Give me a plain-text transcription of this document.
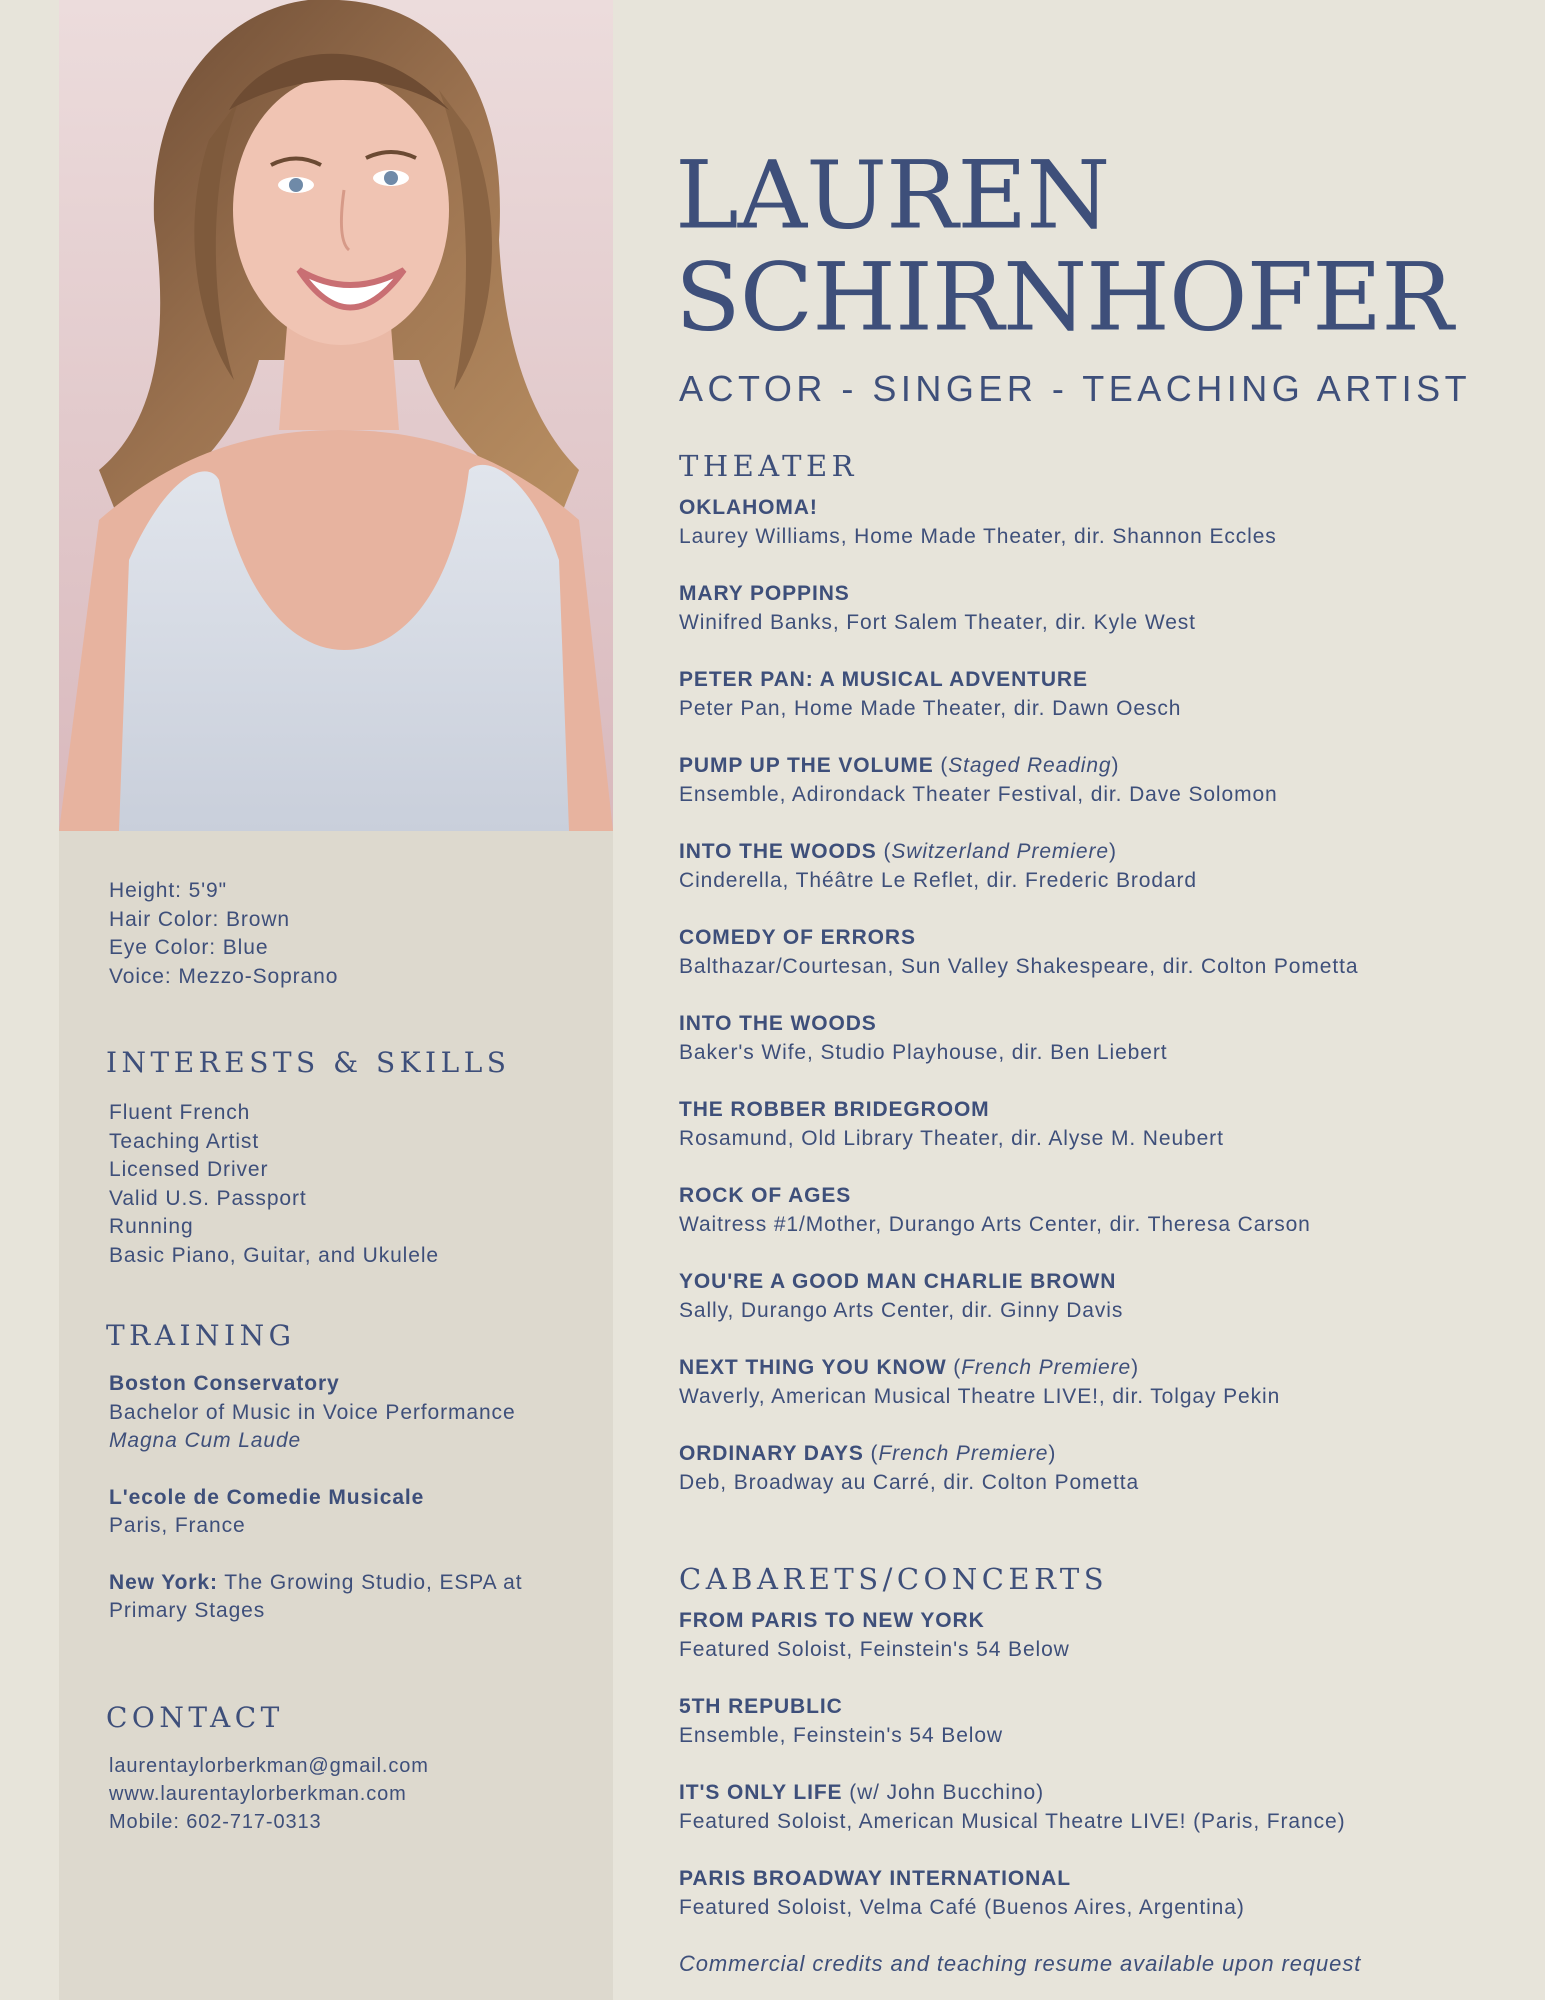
Height: 5'9"
Hair Color: Brown
Eye Color: Blue
Voice: Mezzo-Soprano
INTERESTS & SKILLS
Fluent French
Teaching Artist
Licensed Driver
Valid U.S. Passport
Running
Basic Piano, Guitar, and Ukulele
TRAINING
Boston Conservatory
Bachelor of Music in Voice Performance
Magna Cum Laude
L'ecole de Comedie Musicale
Paris, France
New York: The Growing Studio, ESPA at Primary Stages
CONTACT
laurentaylorberkman@gmail.com
www.laurentaylorberkman.com
Mobile: 602-717-0313
LAUREN
SCHIRNHOFER
ACTOR - SINGER - TEACHING ARTIST
THEATER
OKLAHOMA!
Laurey Williams, Home Made Theater, dir. Shannon Eccles
MARY POPPINS
Winifred Banks, Fort Salem Theater, dir. Kyle West
PETER PAN: A MUSICAL ADVENTURE
Peter Pan, Home Made Theater, dir. Dawn Oesch
PUMP UP THE VOLUME (Staged Reading)
Ensemble, Adirondack Theater Festival, dir. Dave Solomon
INTO THE WOODS (Switzerland Premiere)
Cinderella, Théâtre Le Reflet, dir. Frederic Brodard
COMEDY OF ERRORS
Balthazar/Courtesan, Sun Valley Shakespeare, dir. Colton Pometta
INTO THE WOODS
Baker's Wife, Studio Playhouse, dir. Ben Liebert
THE ROBBER BRIDEGROOM
Rosamund, Old Library Theater, dir. Alyse M. Neubert
ROCK OF AGES
Waitress #1/Mother, Durango Arts Center, dir. Theresa Carson
YOU'RE A GOOD MAN CHARLIE BROWN
Sally, Durango Arts Center, dir. Ginny Davis
NEXT THING YOU KNOW (French Premiere)
Waverly, American Musical Theatre LIVE!, dir. Tolgay Pekin
ORDINARY DAYS (French Premiere)
Deb, Broadway au Carré, dir. Colton Pometta
CABARETS/CONCERTS
FROM PARIS TO NEW YORK
Featured Soloist, Feinstein's 54 Below
5TH REPUBLIC
Ensemble, Feinstein's 54 Below
IT'S ONLY LIFE (w/ John Bucchino)
Featured Soloist, American Musical Theatre LIVE! (Paris, France)
PARIS BROADWAY INTERNATIONAL
Featured Soloist, Velma Café (Buenos Aires, Argentina)
Commercial credits and teaching resume available upon request
